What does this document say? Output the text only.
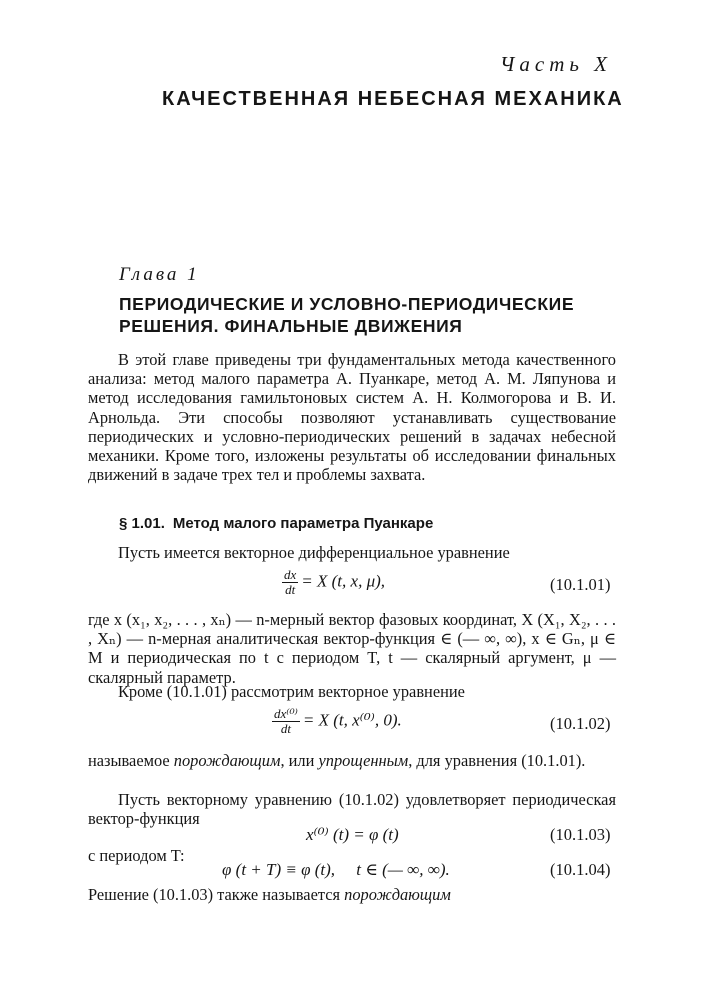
Часть X
КАЧЕСТВЕННАЯ НЕБЕСНАЯ МЕХАНИКА
Глава 1
ПЕРИОДИЧЕСКИЕ И УСЛОВНО-ПЕРИОДИЧЕСКИЕ РЕШЕНИЯ. ФИНАЛЬНЫЕ ДВИЖЕНИЯ
В этой главе приведены три фундаментальных метода качественного анализа: метод малого параметра А. Пуанкаре, метод А. М. Ляпунова и метод исследования гамильтоновых систем А. Н. Колмогорова и В. И. Арнольда. Эти способы позволяют устанавливать существование периодических и условно-периодических решений в задачах небесной механики. Кроме того, изложены результаты об исследовании финальных движений в задаче трех тел и проблемы захвата.
§ 1.01. Метод малого параметра Пуанкаре
Пусть имеется векторное дифференциальное уравнение
$\frac{dx}{dt} = X$ (t, x, μ),	(10.1.01)
где x (x₁, x₂, . . . , xₙ) — n-мерный вектор фазовых координат, X (X₁, X₂, . . . , Xₙ) — n-мерная аналитическая вектор-функция ∈ (— ∞, ∞), x ∈ Gₙ, μ ∈ M и периодическая по t с периодом T, t — скалярный аргумент, μ — скалярный параметр.
Кроме (10.1.01) рассмотрим векторное уравнение
$\frac{\text{dx⁽⁰⁾}}{dt} = X$ (t, x⁽⁰⁾, 0).	(10.1.02)
называемое порождающим, или упрощенным, для уравнения (10.1.01).
Пусть векторному уравнению (10.1.02) удовлетворяет периодическая вектор-функция
x⁽⁰⁾ (t) = φ (t)	(10.1.03)
с периодом T:
φ (t + T) ≡ φ (t),     t ∈ (— ∞, ∞).	(10.1.04)
Решение (10.1.03) также называется порождающим
